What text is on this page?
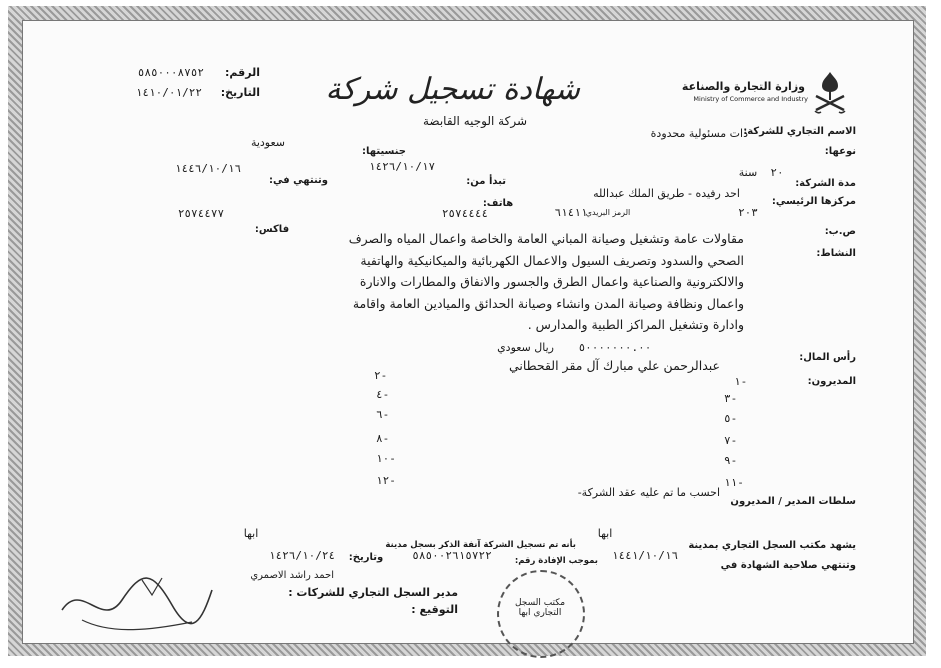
وزارة التجارة والصناعة
Ministry of Commerce and Industry
شهادة تسجيل شركة
الرقم:
٥٨٥٠٠٠٨٧٥٢
التاريخ:
١٤١٠/٠١/٢٢
شركة الوجيه القابضة
الاسم التجاري للشركة:
ذات مسئولية محدودة
نوعها:
سعودية
جنسيتها:
مدة الشركة:
٢٠
سنة
تبدأ من:
١٤٢٦/١٠/١٧
وتنتهي في:
١٤٤٦/١٠/١٦
مركزها الرئيسي:
احد رفيده - طريق الملك عبدالله
٢٠٣
ص.ب:
الرمز البريدي
٦١٤١١
هاتف:
٢٥٧٤٤٤٤
فاكس:
٢٥٧٤٤٧٧
النشاط:
مقاولات عامة وتشغيل وصيانة المباني العامة والخاصة واعمال المياه والصرف
الصحي والسدود وتصريف السيول والاعمال الكهربائية والميكانيكية والهاتفية
والالكترونية والصناعية واعمال الطرق والجسور والانفاق والمطارات والانارة
واعمال ونظافة وصيانة المدن وانشاء وصيانة الحدائق والميادين العامة واقامة
وادارة وتشغيل المراكز الطبية والمدارس .
رأس المال:
٥٠٠٠٠٠٠٠.٠٠
ريال سعودي
المديرون:
عبدالرحمن علي مبارك آل مقر القحطاني
١-
٢-
٣-
٤-
٥-
٦-
٧-
٨-
٩-
١٠-
١١-
١٢-
سلطات المدير / المديرون
احسب ما تم عليه عقد الشركة-
يشهد مكتب السجل التجاري بمدينة
ابها
بأنه تم تسجيل الشركة آنفة الذكر بسجل مدينة
ابها
١٤٤١/١٠/١٦
وتنتهي صلاحية الشهادة في
بموجب الإفادة رقم:
٥٨٥٠٠٢٦١٥٧٢٢
وتاريخ:
١٤٢٦/١٠/٢٤
احمد راشد الاصمري
مدير السجل التجاري للشركات :
التوقيع :	مكتب السجل التجاري ابها
